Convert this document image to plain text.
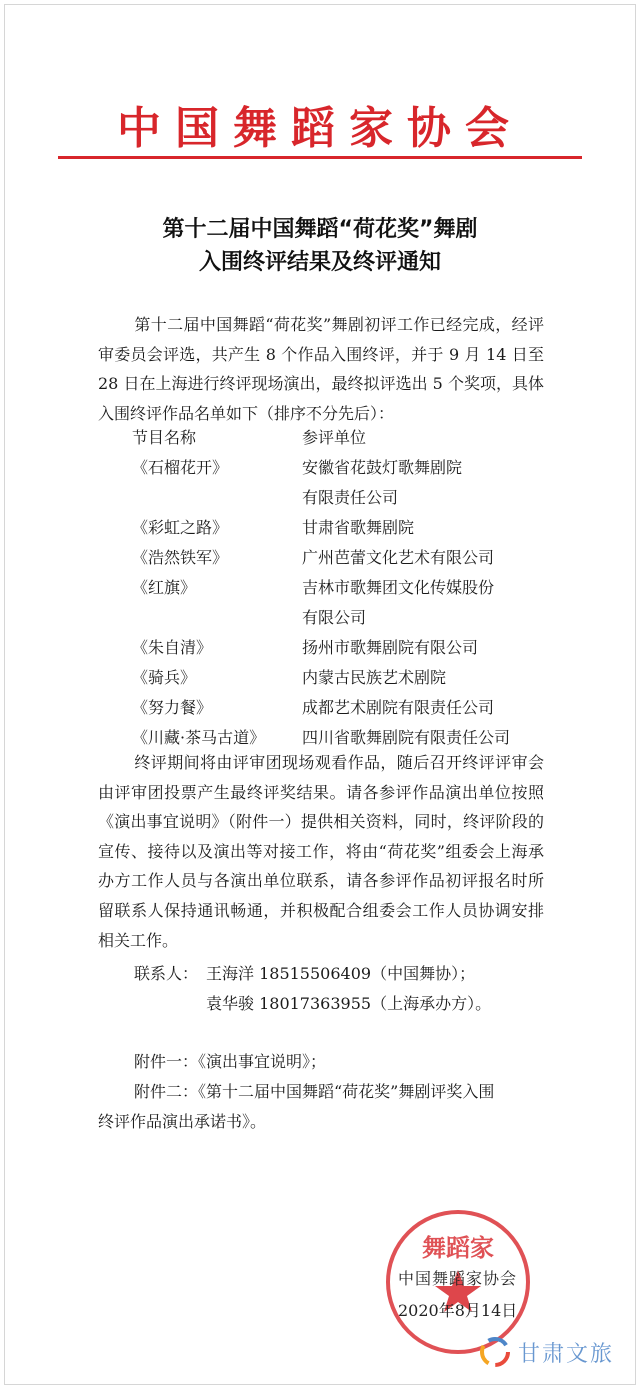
中国舞蹈家协会
第十二届中国舞蹈“荷花奖”舞剧
入围终评结果及终评通知

第十二届中国舞蹈“荷花奖”舞剧初评工作已经完成，经评审委员会评选，共产生 8 个作品入围终评，并于 9 月 14 日至 28 日在上海进行终评现场演出，最终拟评选出 5 个奖项，具体入围终评作品名单如下（排序不分先后）：

节目名称	参评单位
《石榴花开》	安徽省花鼓灯歌舞剧院
有限责任公司
《彩虹之路》	甘肃省歌舞剧院
《浩然铁军》	广州芭蕾文化艺术有限公司
《红旗》	吉林市歌舞团文化传媒股份
有限公司
《朱自清》	扬州市歌舞剧院有限公司
《骑兵》	内蒙古民族艺术剧院
《努力餐》	成都艺术剧院有限责任公司
《川藏·茶马古道》 四川省歌舞剧院有限责任公司

终评期间将由评审团现场观看作品，随后召开终评评审会由评审团投票产生最终评奖结果。请各参评作品演出单位按照《演出事宜说明》（附件一）提供相关资料，同时，终评阶段的宣传、接待以及演出等对接工作，将由“荷花奖”组委会上海承办方工作人员与各演出单位联系，请各参评作品初评报名时所留联系人保持通讯畅通，并积极配合组委会工作人员协调安排相关工作。

联系人： 王海洋 18515506409（中国舞协）；
袁华骏 18017363955（上海承办方）。
附件一：《演出事宜说明》；
附件二：《第十二届中国舞蹈“荷花奖”舞剧评奖入围
终评作品演出承诺书》。
舞蹈家
中国舞蹈家协会
2020年8月14日
甘肃文旅
